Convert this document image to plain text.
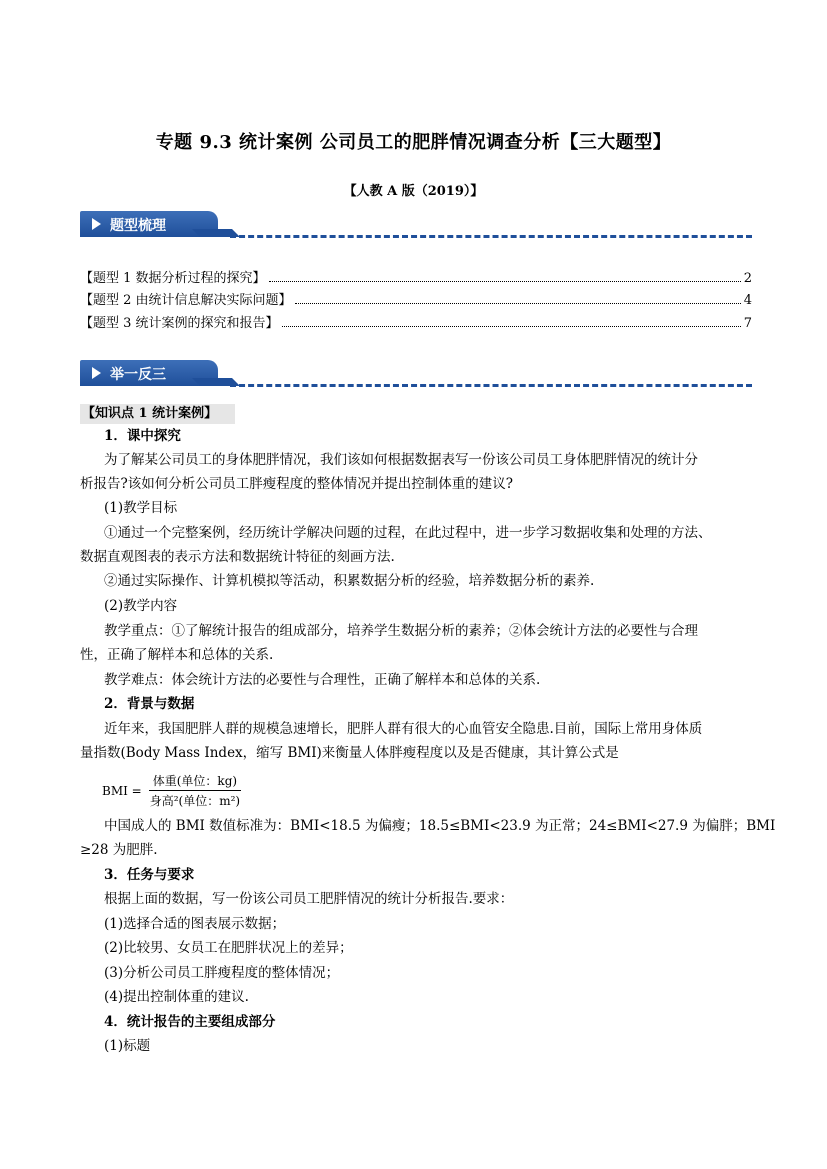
专题 9.3 统计案例 公司员工的肥胖情况调查分析【三大题型】
【人教 A 版（2019）】
题型梳理
【题型 1 数据分析过程的探究】	2
【题型 2 由统计信息解决实际问题】	4
【题型 3 统计案例的探究和报告】	7
举一反三
【知识点 1 统计案例】
1．课中探究
为了解某公司员工的身体肥胖情况，我们该如何根据数据表写一份该公司员工身体肥胖情况的统计分
析报告?该如何分析公司员工胖瘦程度的整体情况并提出控制体重的建议?
(1)教学目标
①通过一个完整案例，经历统计学解决问题的过程，在此过程中，进一步学习数据收集和处理的方法、
数据直观图表的表示方法和数据统计特征的刻画方法.
②通过实际操作、计算机模拟等活动，积累数据分析的经验，培养数据分析的素养.
(2)教学内容
教学重点：①了解统计报告的组成部分，培养学生数据分析的素养；②体会统计方法的必要性与合理
性，正确了解样本和总体的关系.
教学难点：体会统计方法的必要性与合理性，正确了解样本和总体的关系.
2．背景与数据
近年来，我国肥胖人群的规模急速增长，肥胖人群有很大的心血管安全隐患.目前，国际上常用身体质
量指数(Body Mass Index，缩写 BMI)来衡量人体胖瘦程度以及是否健康，其计算公式是
BMI = $\frac{\text{体重(单位：kg)}}{\text{身高²(单位：m²)}}$
中国成人的 BMI 数值标准为：BMI<18.5 为偏瘦；18.5≤BMI<23.9 为正常；24≤BMI<27.9 为偏胖；BMI
≥28 为肥胖.
3．任务与要求
根据上面的数据，写一份该公司员工肥胖情况的统计分析报告.要求：
(1)选择合适的图表展示数据；
(2)比较男、女员工在肥胖状况上的差异；
(3)分析公司员工胖瘦程度的整体情况；
(4)提出控制体重的建议.
4．统计报告的主要组成部分
(1)标题
